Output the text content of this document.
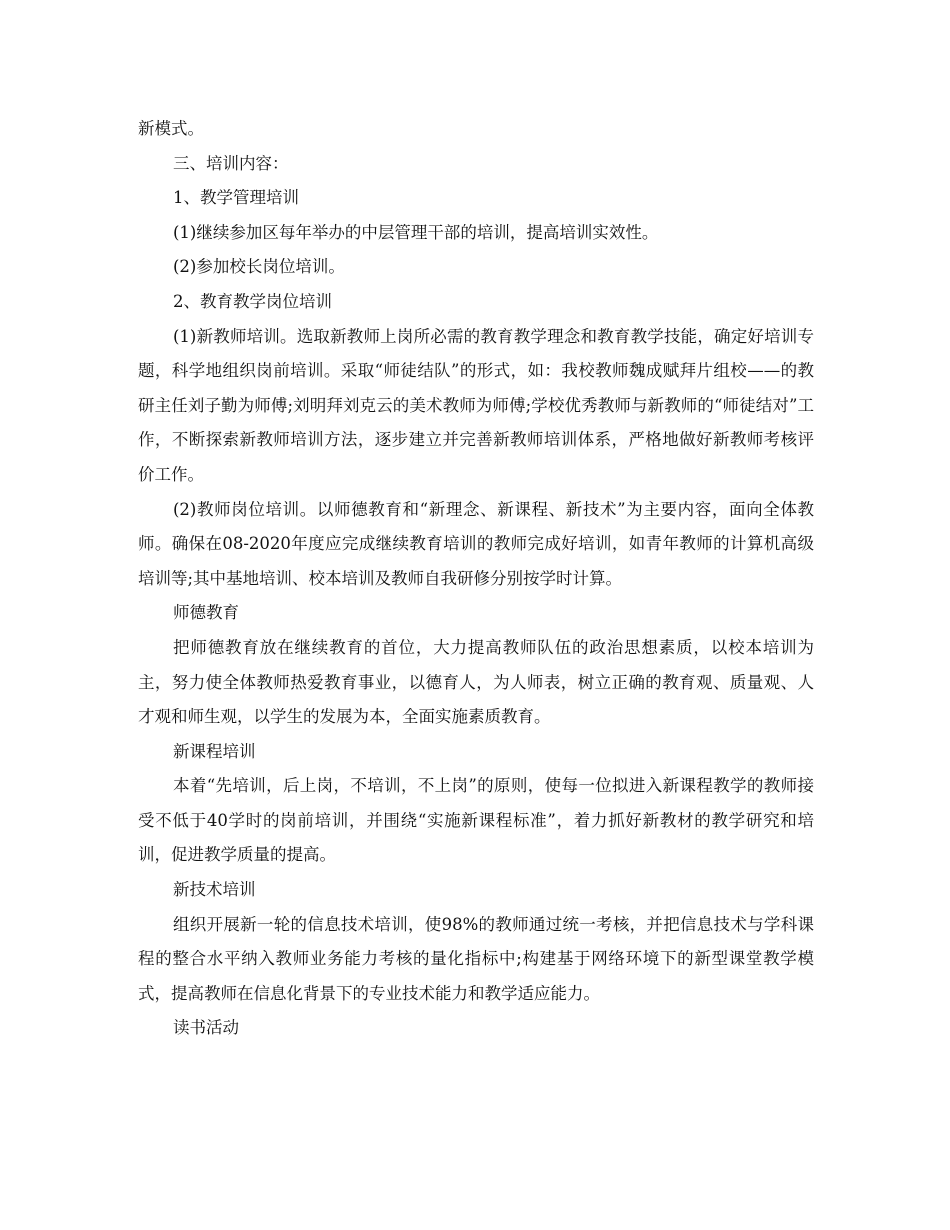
新模式。

三、培训内容：

1、教学管理培训

(1)继续参加区每年举办的中层管理干部的培训，提高培训实效性。

(2)参加校长岗位培训。

2、教育教学岗位培训

(1)新教师培训。选取新教师上岗所必需的教育教学理念和教育教学技能，确定好培训专题，科学地组织岗前培训。采取“师徒结队”的形式，如：我校教师魏成赋拜片组校——的教研主任刘子勤为师傅;刘明拜刘克云的美术教师为师傅;学校优秀教师与新教师的“师徒结对”工作，不断探索新教师培训方法，逐步建立并完善新教师培训体系，严格地做好新教师考核评价工作。

(2)教师岗位培训。以师德教育和“新理念、新课程、新技术”为主要内容，面向全体教师。确保在08-2020年度应完成继续教育培训的教师完成好培训，如青年教师的计算机高级培训等;其中基地培训、校本培训及教师自我研修分别按学时计算。

师德教育

把师德教育放在继续教育的首位，大力提高教师队伍的政治思想素质，以校本培训为主，努力使全体教师热爱教育事业，以德育人，为人师表，树立正确的教育观、质量观、人才观和师生观，以学生的发展为本，全面实施素质教育。

新课程培训

本着“先培训，后上岗，不培训，不上岗”的原则，使每一位拟进入新课程教学的教师接受不低于40学时的岗前培训，并围绕“实施新课程标准”，着力抓好新教材的教学研究和培训，促进教学质量的提高。

新技术培训

组织开展新一轮的信息技术培训，使98%的教师通过统一考核，并把信息技术与学科课程的整合水平纳入教师业务能力考核的量化指标中;构建基于网络环境下的新型课堂教学模式，提高教师在信息化背景下的专业技术能力和教学适应能力。

读书活动
